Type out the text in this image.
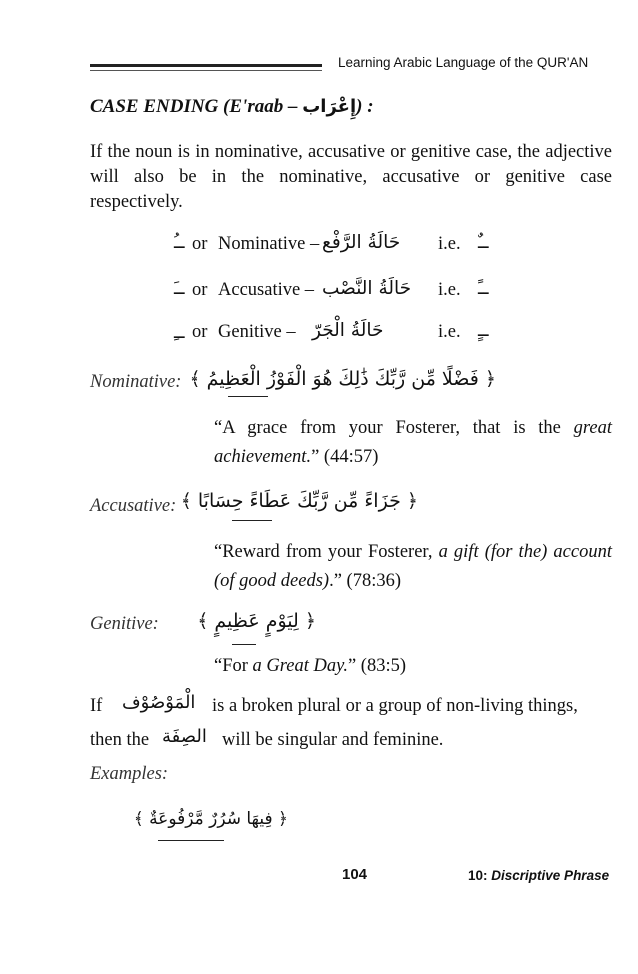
Learning Arabic Language of the QUR'AN
CASE ENDING (E'raab – إِعْرَاب) :
If the noun is in nominative, accusative or genitive case, the adjective will also be in the nominative, accusative or genitive case respectively.
ــُ or Nominative – حَالَةُ الرَّفْع i.e. ــٌ
ــَ or Accusative – حَالَةُ النَّصْب i.e. ــً
ــِ or Genitive – حَالَةُ الْجَرّ	i.e. ــٍ
Nominative: ﴿ فَضْلًا مِّن رَّبِّكَ ذَٰلِكَ هُوَ الْفَوْزُ الْعَظِيمُ ﴾
“A grace from your Fosterer, that is the great achievement.” (44:57)
Accusative: ﴿ جَزَاءً مِّن رَّبِّكَ عَطَاءً حِسَابًا ﴾
“Reward from your Fosterer, a gift (for the) account (of good deeds).” (78:36)
Genitive: ﴿ لِيَوْمٍ عَظِيمٍ ﴾
“For a Great Day.” (83:5)
If الْمَوْصُوْف is a broken plural or a group of non-living things,
then the الصِفَة will be singular and feminine.
Examples:
﴿ فِيهَا سُرُرٌ مَّرْفُوعَةٌ ﴾
104	10: Discriptive Phrase
